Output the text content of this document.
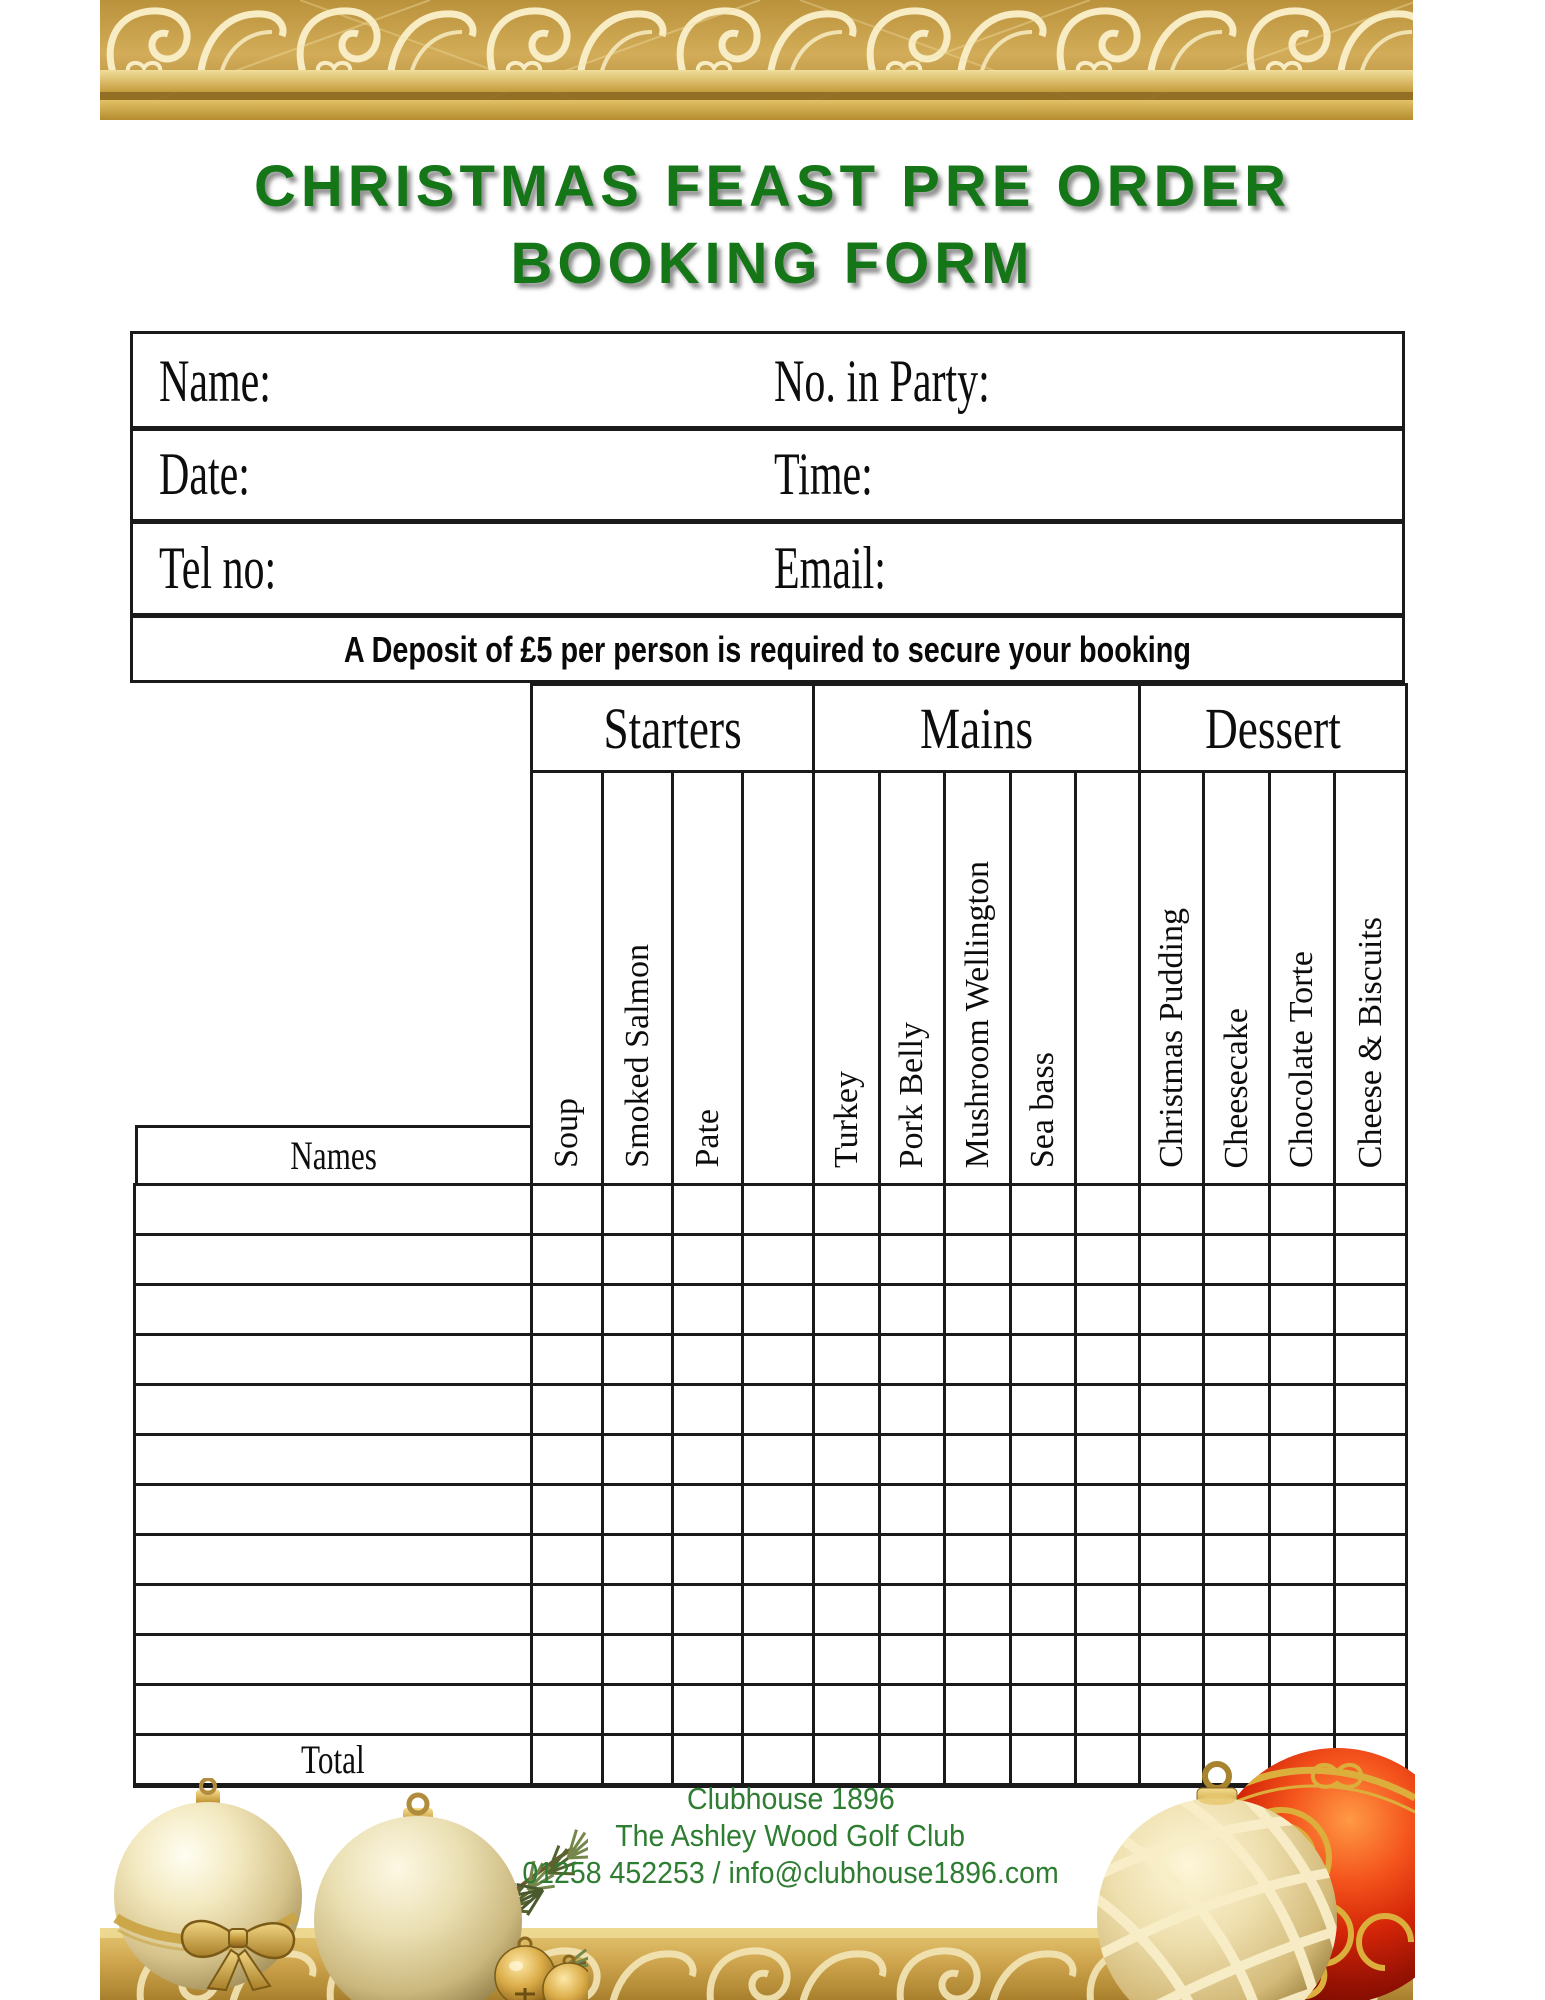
CHRISTMAS FEAST PRE ORDER
BOOKING FORM
Name:	No. in Party:
Date:	Time:
Tel no:	Email:
A Deposit of £5 per person is required to secure your booking
	Starters				Mains					Dessert			

Names	Soup	Smoked Salmon	Pate		Turkey	Pork Belly	Mushroom Wellington	Sea bass		Christmas Pudding	Cheesecake	Chocolate Torte	Cheese & Biscuits

Total													
Clubhouse 1896
The Ashley Wood Golf Club
01258 452253 / info@clubhouse1896.com
